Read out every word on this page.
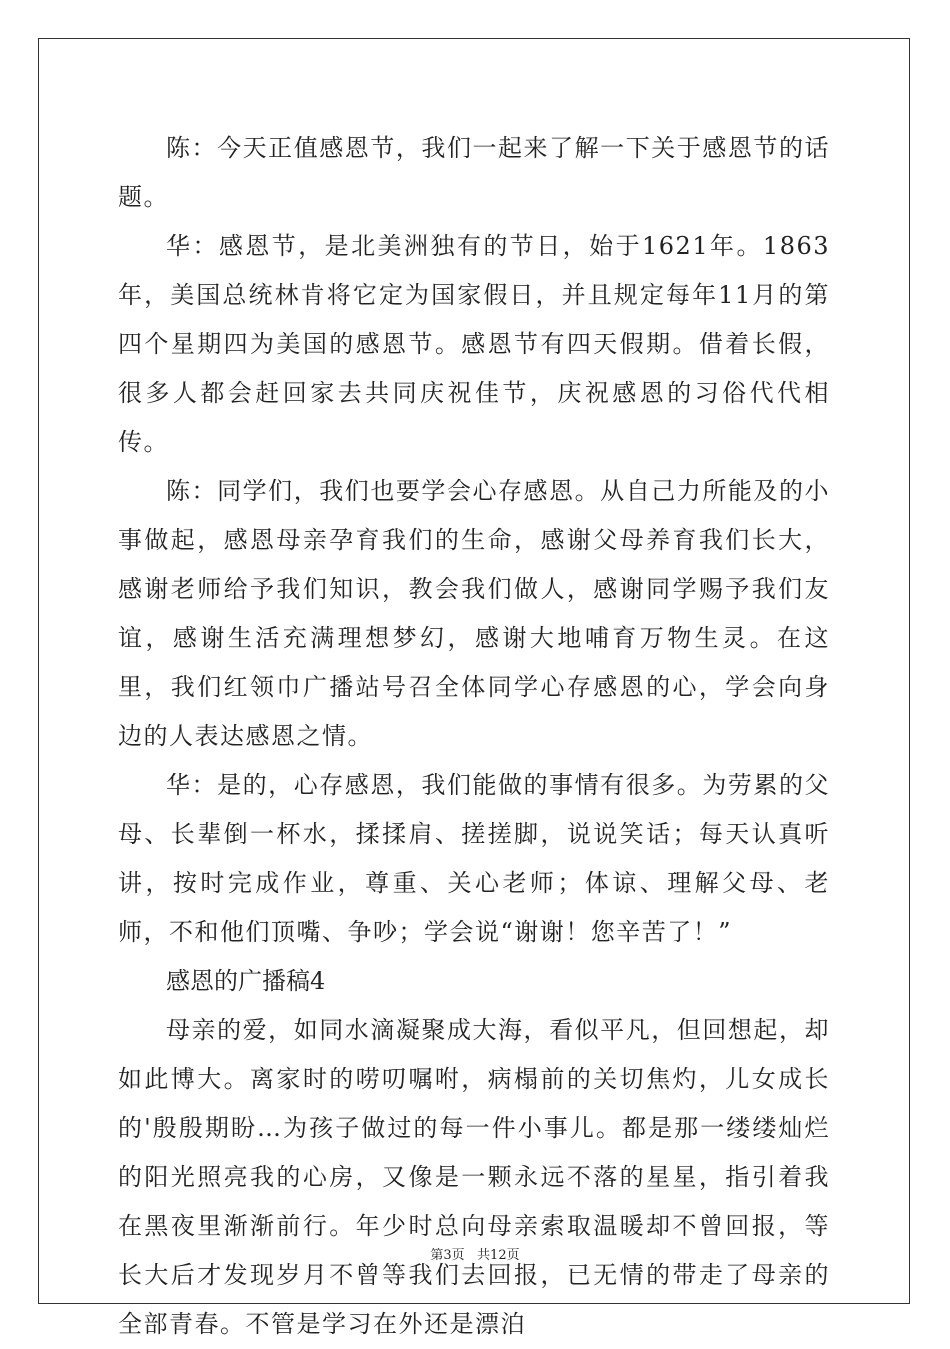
陈：今天正值感恩节，我们一起来了解一下关于感恩节的话题。

华：感恩节，是北美洲独有的节日，始于1621年。1863年，美国总统林肯将它定为国家假日，并且规定每年11月的第四个星期四为美国的感恩节。感恩节有四天假期。借着长假，很多人都会赶回家去共同庆祝佳节，庆祝感恩的习俗代代相传。

陈：同学们，我们也要学会心存感恩。从自己力所能及的小事做起，感恩母亲孕育我们的生命，感谢父母养育我们长大，感谢老师给予我们知识，教会我们做人，感谢同学赐予我们友谊，感谢生活充满理想梦幻，感谢大地哺育万物生灵。在这里，我们红领巾广播站号召全体同学心存感恩的心，学会向身边的人表达感恩之情。

华：是的，心存感恩，我们能做的事情有很多。为劳累的父母、长辈倒一杯水，揉揉肩、搓搓脚，说说笑话；每天认真听讲，按时完成作业，尊重、关心老师；体谅、理解父母、老师，不和他们顶嘴、争吵；学会说“谢谢！您辛苦了！”

感恩的广播稿4

母亲的爱，如同水滴凝聚成大海，看似平凡，但回想起，却如此博大。离家时的唠叨嘱咐，病榻前的关切焦灼，儿女成长的'殷殷期盼…为孩子做过的每一件小事儿。都是那一缕缕灿烂的阳光照亮我的心房，又像是一颗永远不落的星星，指引着我在黑夜里渐渐前行。年少时总向母亲索取温暖却不曾回报，等长大后才发现岁月不曾等我们去回报，已无情的带走了母亲的全部青春。不管是学习在外还是漂泊

第3页   共12页
